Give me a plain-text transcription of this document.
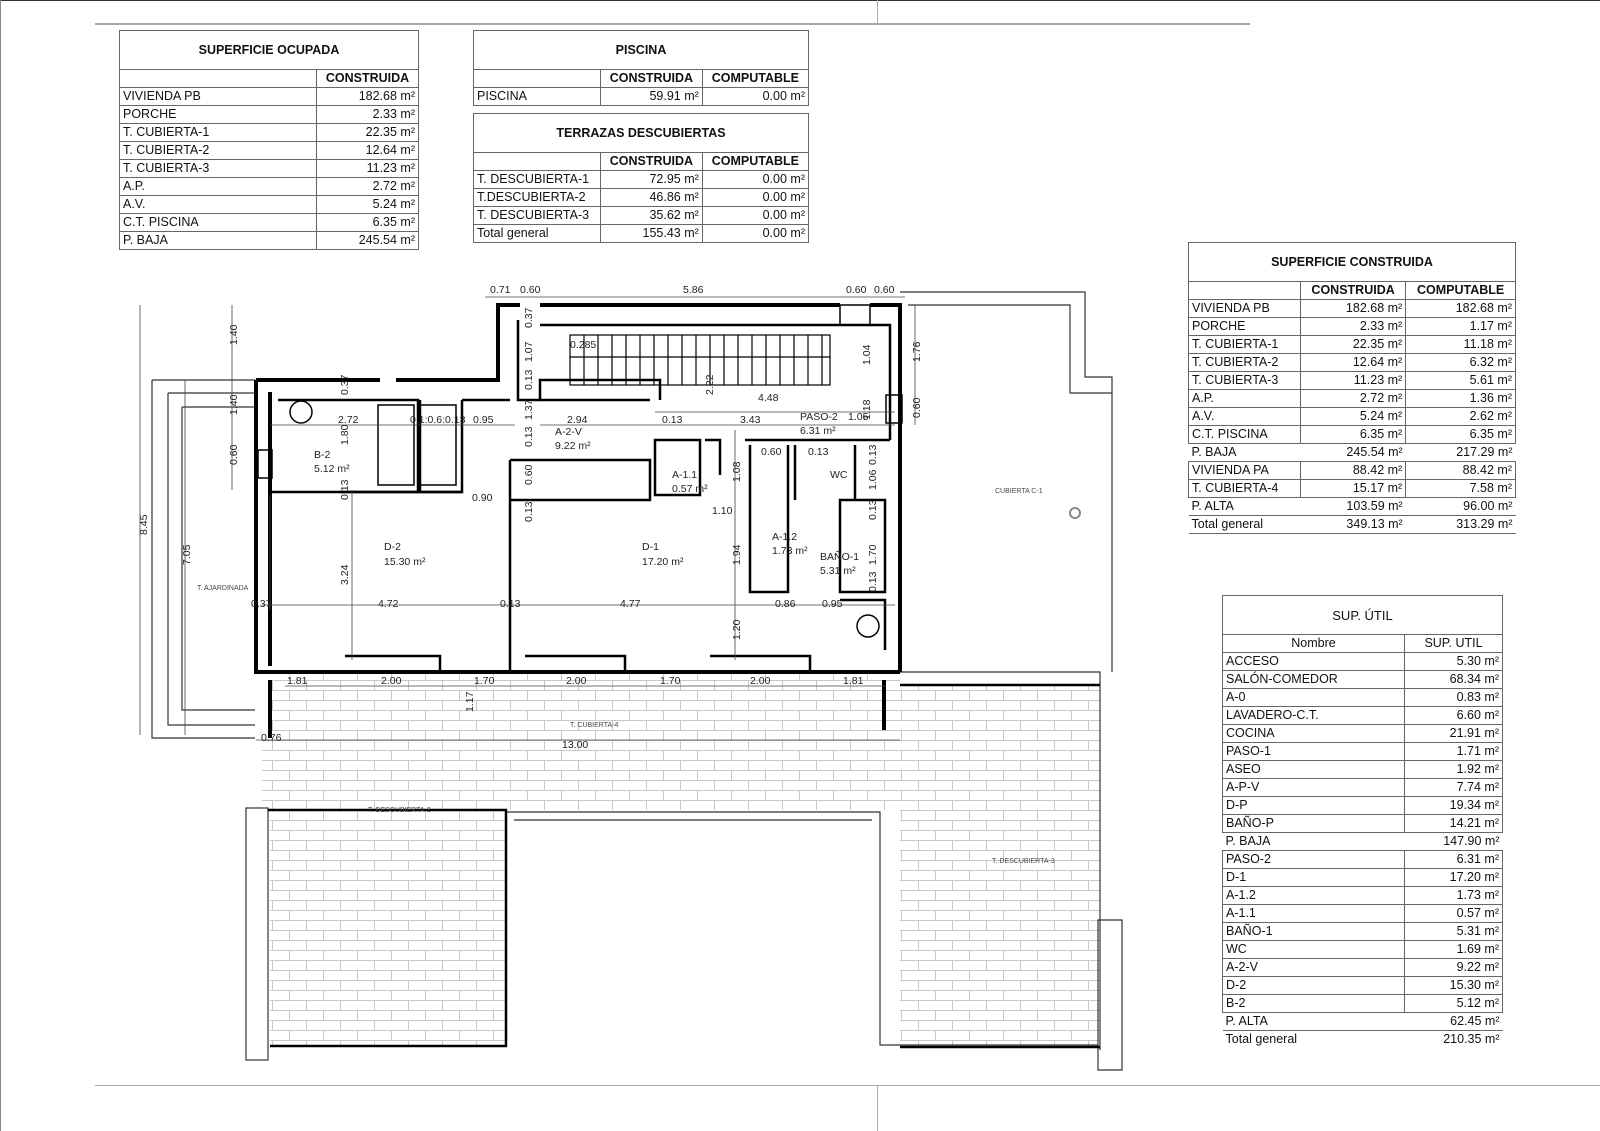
0.71 0.60	5.86	0.60 0.60
0.285
2.72	0.1:0.6:0.13 0.95	2.94	0.13	3.43
4.48
1.05
0.90
0.37	4.72	0.13	4.77
0.60	0.13
1.10
0.86	0.95
1.81	2.00	1.70	2.00	1.70	2.00	1.81
0.76
13.00
8.45
7.05
1.40
1.40
0.60
0.37
1.80
0.13
3.24
0.37
1.07
0.13
1.37
0.13
0.60
0.13
2.22
1.04
1.18
1.08
1.94
1.20
0.13
1.06
0.13
1.70
0.13
1.76
0.60
1.17
B-2
5.12 m²
D-2
15.30 m²
D-1
17.20 m²
A-2-V
9.22 m²
PASO-2
6.31 m²
A-1.1
0.57 m²
A-1.2
1.73 m² BAÑO-1
5.31 m²
WC
CUBIERTA C-1
T. AJARDINADA
T. CUBIERTA-4
T. DESCUBIERTA-2
T. DESCUBIERTA-3
SUPERFICIE OCUPADA	
	CONSTRUIDA
VIVIENDA PB	182.68 m²
PORCHE	2.33 m²
T. CUBIERTA-1	22.35 m²
T. CUBIERTA-2	12.64 m²
T. CUBIERTA-3	11.23 m²
A.P.	2.72 m²
A.V.	5.24 m²
C.T. PISCINA	6.35 m²
P. BAJA	245.54 m²
PISCINA		
	CONSTRUIDA	COMPUTABLE
PISCINA	59.91 m²	0.00 m²
TERRAZAS DESCUBIERTAS		
	CONSTRUIDA	COMPUTABLE
T. DESCUBIERTA-1	72.95 m²	0.00 m²
T.DESCUBIERTA-2	46.86 m²	0.00 m²
T. DESCUBIERTA-3	35.62 m²	0.00 m²
Total general	155.43 m²	0.00 m²
SUPERFICIE CONSTRUIDA		
	CONSTRUIDA	COMPUTABLE
VIVIENDA PB	182.68 m²	182.68 m²
PORCHE	2.33 m²	1.17 m²
T. CUBIERTA-1	22.35 m²	11.18 m²
T. CUBIERTA-2	12.64 m²	6.32 m²
T. CUBIERTA-3	11.23 m²	5.61 m²
A.P.	2.72 m²	1.36 m²
A.V.	5.24 m²	2.62 m²
C.T. PISCINA	6.35 m²	6.35 m²
P. BAJA	245.54 m²	217.29 m²
VIVIENDA PA	88.42 m²	88.42 m²
T. CUBIERTA-4	15.17 m²	7.58 m²
P. ALTA	103.59 m²	96.00 m²
Total general	349.13 m²	313.29 m²
SUP. ÚTIL	
Nombre	SUP. UTIL
ACCESO	5.30 m²
SALÓN-COMEDOR	68.34 m²
A-0	0.83 m²
LAVADERO-C.T.	6.60 m²
COCINA	21.91 m²
PASO-1	1.71 m²
ASEO	1.92 m²
A-P-V	7.74 m²
D-P	19.34 m²
BAÑO-P	14.21 m²
P. BAJA	147.90 m²
PASO-2	6.31 m²
D-1	17.20 m²
A-1.2	1.73 m²
A-1.1	0.57 m²
BAÑO-1	5.31 m²
WC	1.69 m²
A-2-V	9.22 m²
D-2	15.30 m²
B-2	5.12 m²
P. ALTA	62.45 m²
Total general	210.35 m²
